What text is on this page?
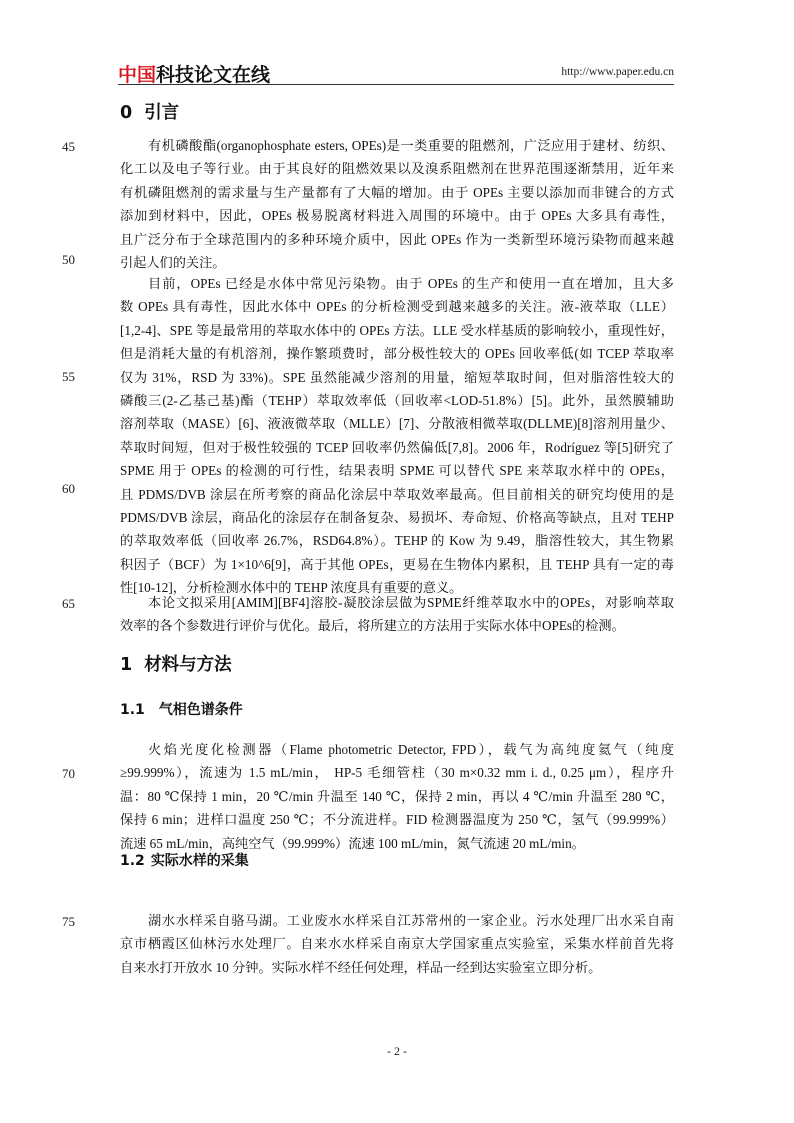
中国科技论文在线	http://www.paper.edu.cn
45
50
55
60
65
70
75
0 引言
有机磷酸酯(organophosphate esters, OPEs)是一类重要的阻燃剂，广泛应用于建材、纺织、
化工以及电子等行业。由于其良好的阻燃效果以及溴系阻燃剂在世界范围逐渐禁用，近年来
有机磷阻燃剂的需求量与生产量都有了大幅的增加。由于 OPEs 主要以添加而非键合的方式
添加到材料中，因此，OPEs 极易脱离材料进入周围的环境中。由于 OPEs 大多具有毒性，
且广泛分布于全球范围内的多种环境介质中，因此 OPEs 作为一类新型环境污染物而越来越
引起人们的关注。
目前，OPEs 已经是水体中常见污染物。由于 OPEs 的生产和使用一直在增加，且大多
数 OPEs 具有毒性，因此水体中 OPEs 的分析检测受到越来越多的关注。液-液萃取（LLE）
[1,2-4]、SPE 等是最常用的萃取水体中的 OPEs 方法。LLE 受水样基质的影响较小，重现性好，
但是消耗大量的有机溶剂，操作繁琐费时，部分极性较大的 OPEs 回收率低(如 TCEP 萃取率
仅为 31%，RSD 为 33%)。SPE 虽然能减少溶剂的用量，缩短萃取时间，但对脂溶性较大的
磷酸三(2-乙基己基)酯（TEHP）萃取效率低（回收率<LOD-51.8%）[5]。此外，虽然膜辅助
溶剂萃取（MASE）[6]、液液微萃取（MLLE）[7]、分散液相微萃取(DLLME)[8]溶剂用量少、
萃取时间短，但对于极性较强的 TCEP 回收率仍然偏低[7,8]。2006 年，Rodríguez 等[5]研究了
SPME 用于 OPEs 的检测的可行性，结果表明 SPME 可以替代 SPE 来萃取水样中的 OPEs，
且 PDMS/DVB 涂层在所考察的商品化涂层中萃取效率最高。但目前相关的研究均使用的是
PDMS/DVB 涂层，商品化的涂层存在制备复杂、易损坏、寿命短、价格高等缺点，且对 TEHP
的萃取效率低（回收率 26.7%，RSD64.8%）。TEHP 的 Kow 为 9.49，脂溶性较大，其生物累
积因子（BCF）为 1×10^6[9]，高于其他 OPEs，更易在生物体内累积，且 TEHP 具有一定的毒
性[10-12]，分析检测水体中的 TEHP 浓度具有重要的意义。
本论文拟采用[AMIM][BF4]溶胶-凝胶涂层做为SPME纤维萃取水中的OPEs，对影响萃取
效率的各个参数进行评价与优化。最后，将所建立的方法用于实际水体中OPEs的检测。
1 材料与方法
1.1 气相色谱条件
火焰光度化检测器（Flame photometric Detector, FPD），载气为高纯度氦气（纯度
≥99.999%），流速为 1.5 mL/min， HP-5 毛细管柱（30 m×0.32 mm i. d., 0.25 μm），程序升
温：80 ℃保持 1 min，20 ℃/min 升温至 140 ℃，保持 2 min，再以 4 ℃/min 升温至 280 ℃，
保持 6 min；进样口温度 250 ℃；不分流进样。FID 检测器温度为 250 ℃，氢气（99.999%）
流速 65 mL/min，高纯空气（99.999%）流速 100 mL/min，氮气流速 20 mL/min。
1.2 实际水样的采集
湖水水样采自骆马湖。工业废水水样采自江苏常州的一家企业。污水处理厂出水采自南
京市栖霞区仙林污水处理厂。自来水水样采自南京大学国家重点实验室，采集水样前首先将
自来水打开放水 10 分钟。实际水样不经任何处理，样品一经到达实验室立即分析。
- 2 -
